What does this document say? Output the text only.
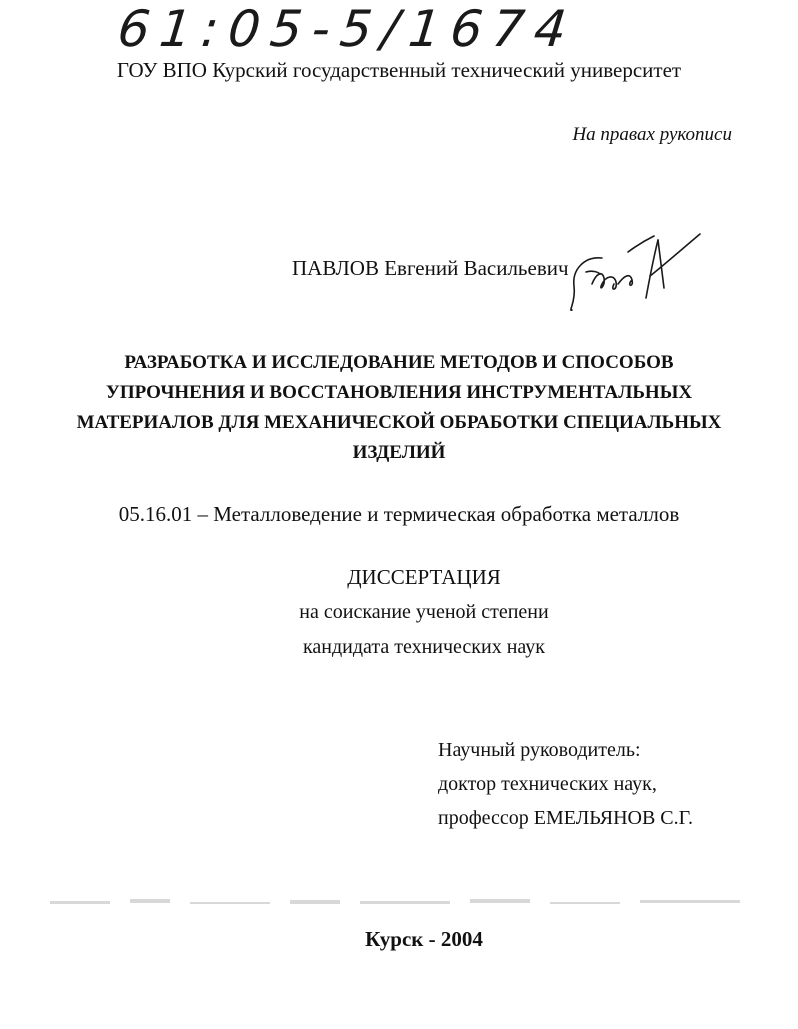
61:05-5/1674
ГОУ ВПО Курский государственный технический университет
На правах рукописи
ПАВЛОВ Евгений Васильевич
РАЗРАБОТКА И ИССЛЕДОВАНИЕ МЕТОДОВ И СПОСОБОВ
УПРОЧНЕНИЯ И ВОССТАНОВЛЕНИЯ ИНСТРУМЕНТАЛЬНЫХ
МАТЕРИАЛОВ ДЛЯ МЕХАНИЧЕСКОЙ ОБРАБОТКИ СПЕЦИАЛЬНЫХ
ИЗДЕЛИЙ
05.16.01 – Металловедение и термическая обработка металлов
ДИССЕРТАЦИЯ
на соискание ученой степени
кандидата технических наук
Научный руководитель:
доктор технических наук,
профессор ЕМЕЛЬЯНОВ С.Г.
Курск - 2004
